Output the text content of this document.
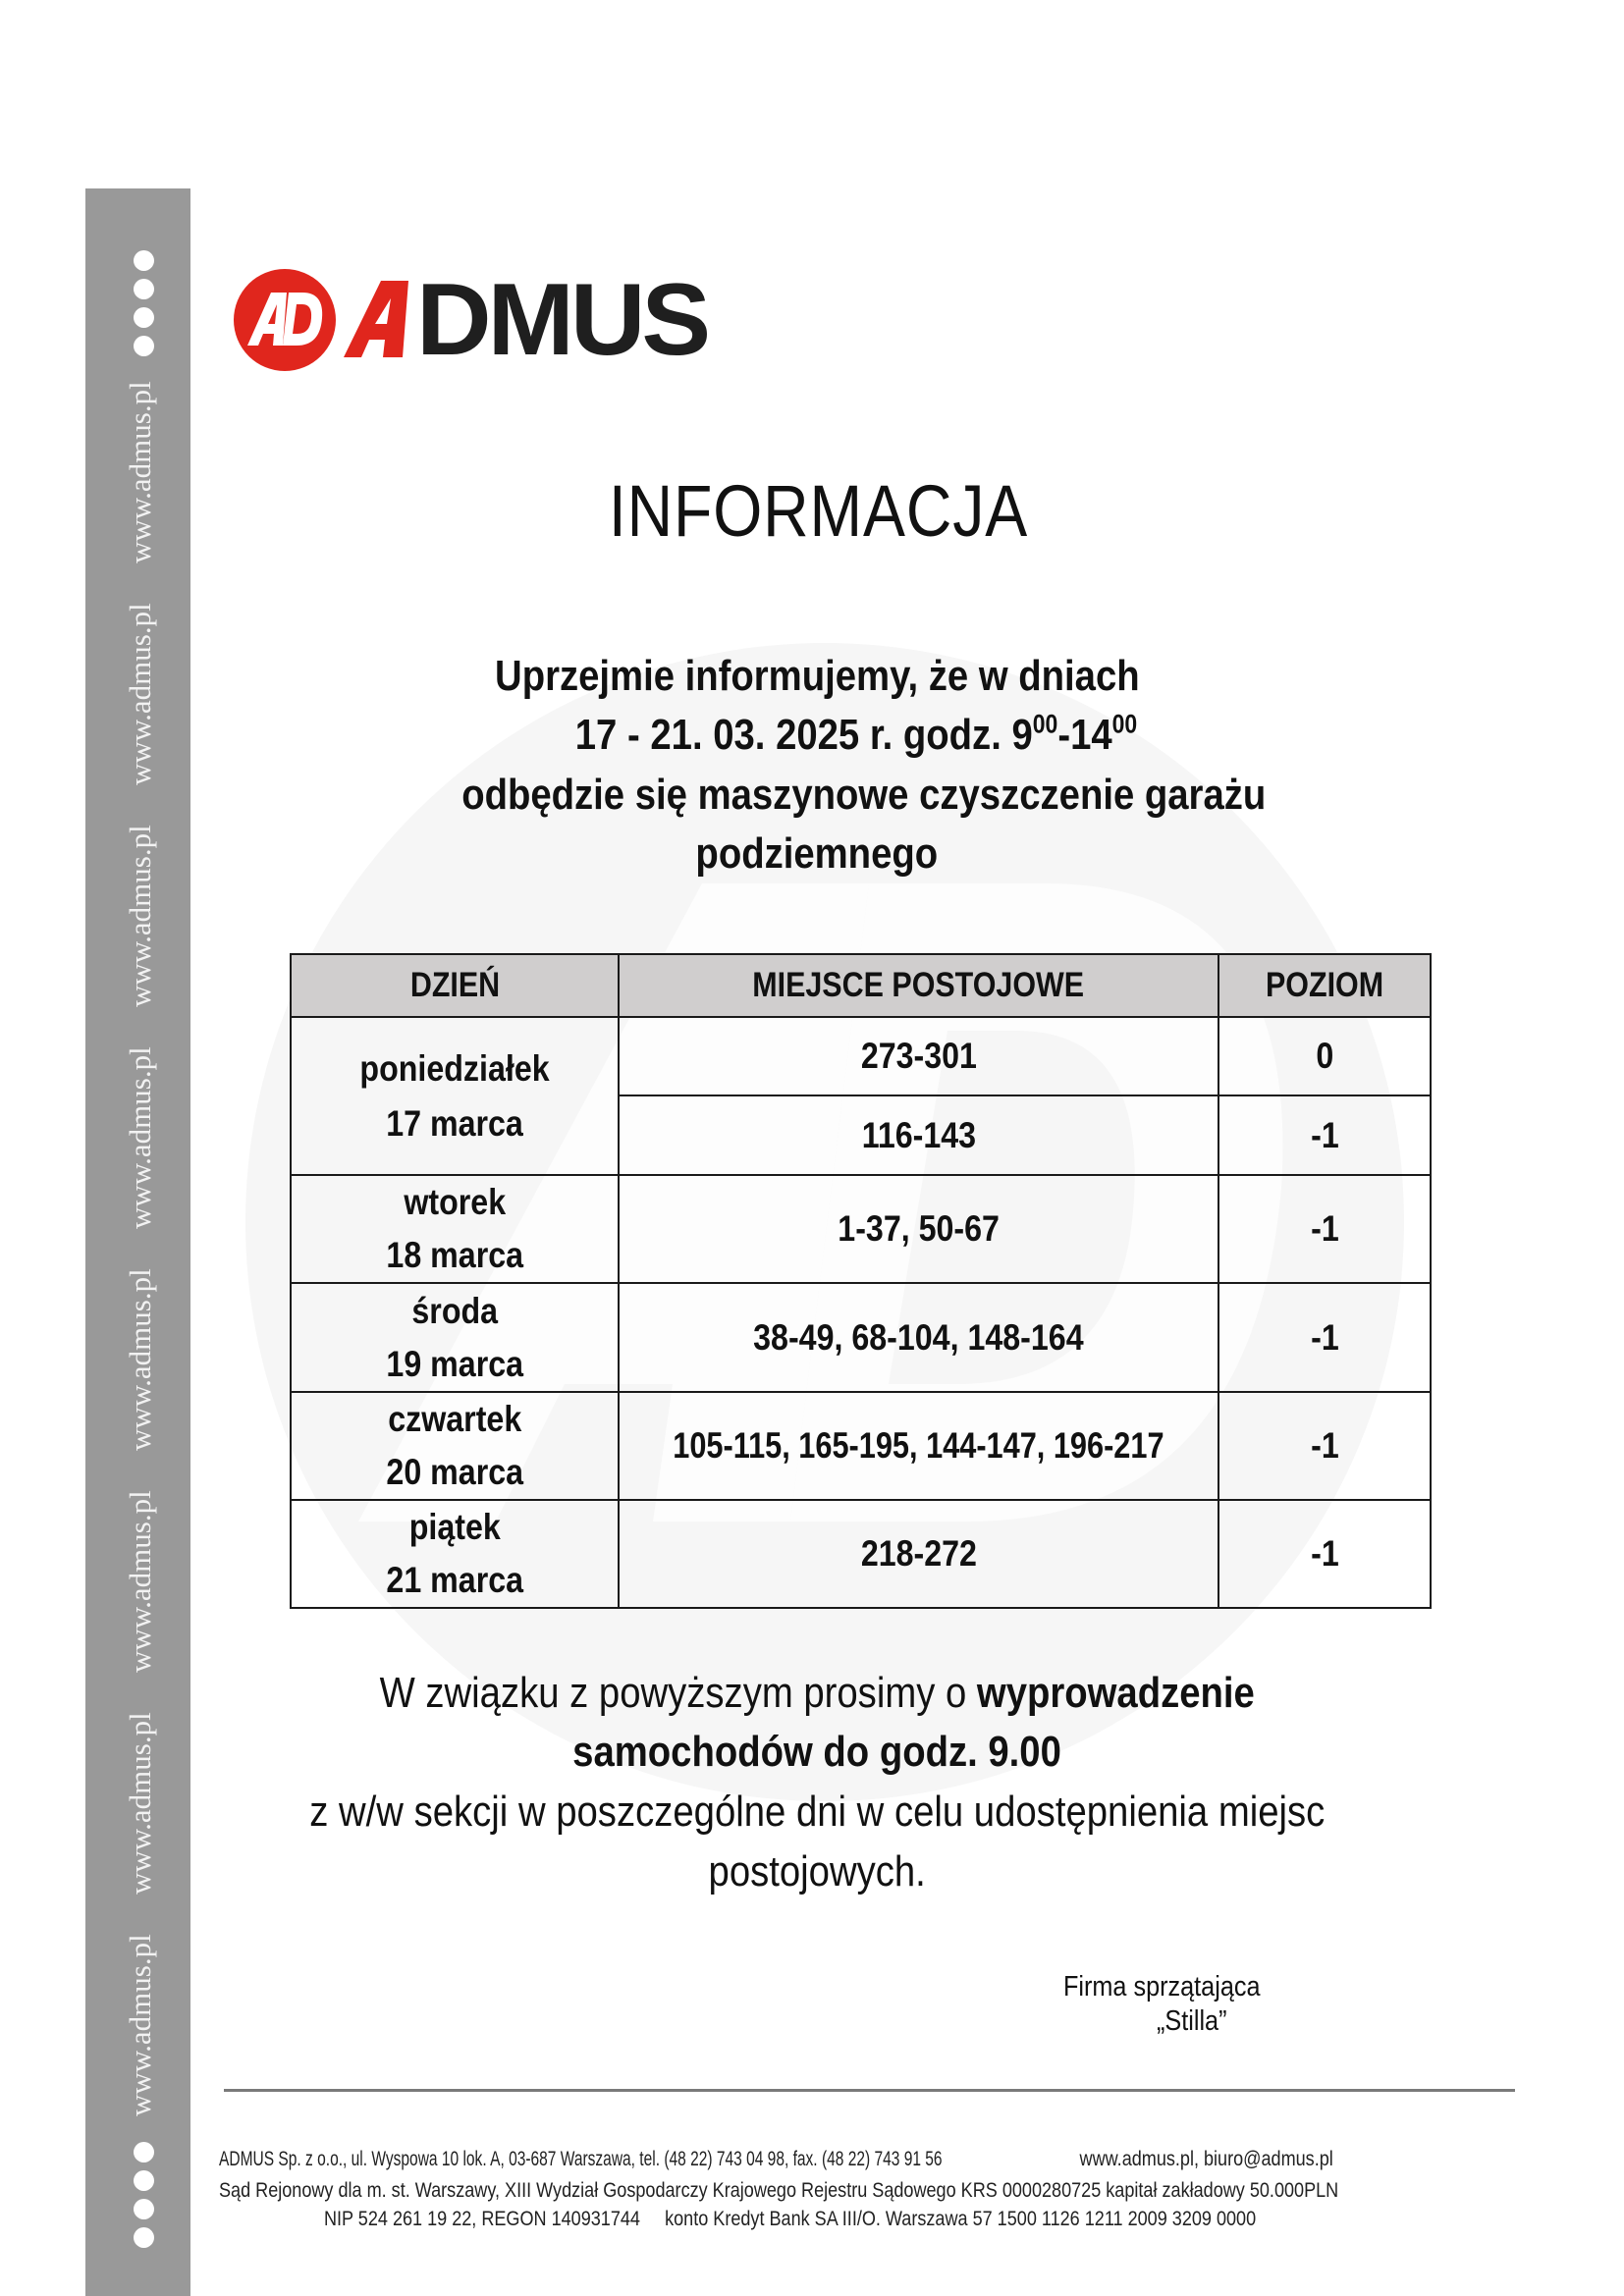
www.admus.pl
www.admus.pl
www.admus.pl
www.admus.pl
www.admus.pl
www.admus.pl
www.admus.pl
www.admus.pl
DMUS
INFORMACJA
Uprzejmie informujemy, że w dniach
17 - 21. 03. 2025 r. godz. $9^{00}-14^{00}$
odbędzie się maszynowe czyszczenie garażu
podziemnego
DZIEŃ	MIEJSCE POSTOJOWE	POZIOM

poniedziałek
17 marca	273-301	0
	116-143	-1

wtorek
18 marca	1-37, 50-67	-1

środa
19 marca	38-49, 68-104, 148-164	-1

czwartek
20 marca	105-115, 165-195, 144-147, 196-217	-1

piątek
21 marca	218-272	-1
W związku z powyższym prosimy o wyprowadzenie
samochodów do godz. 9.00
z w/w sekcji w poszczególne dni w celu udostępnienia miejsc
postojowych.
Firma sprzątająca
„Stilla”
ADMUS Sp. z o.o., ul. Wyspowa 10 lok. A, 03-687 Warszawa, tel. (48 22) 743 04 98, fax. (48 22) 743 91 56	www.admus.pl, biuro@admus.pl
Sąd Rejonowy dla m. st. Warszawy, XIII Wydział Gospodarczy Krajowego Rejestru Sądowego KRS 0000280725 kapitał zakładowy 50.000PLN
NIP 524 261 19 22, REGON 140931744 konto Kredyt Bank SA III/O. Warszawa 57 1500 1126 1211 2009 3209 0000
